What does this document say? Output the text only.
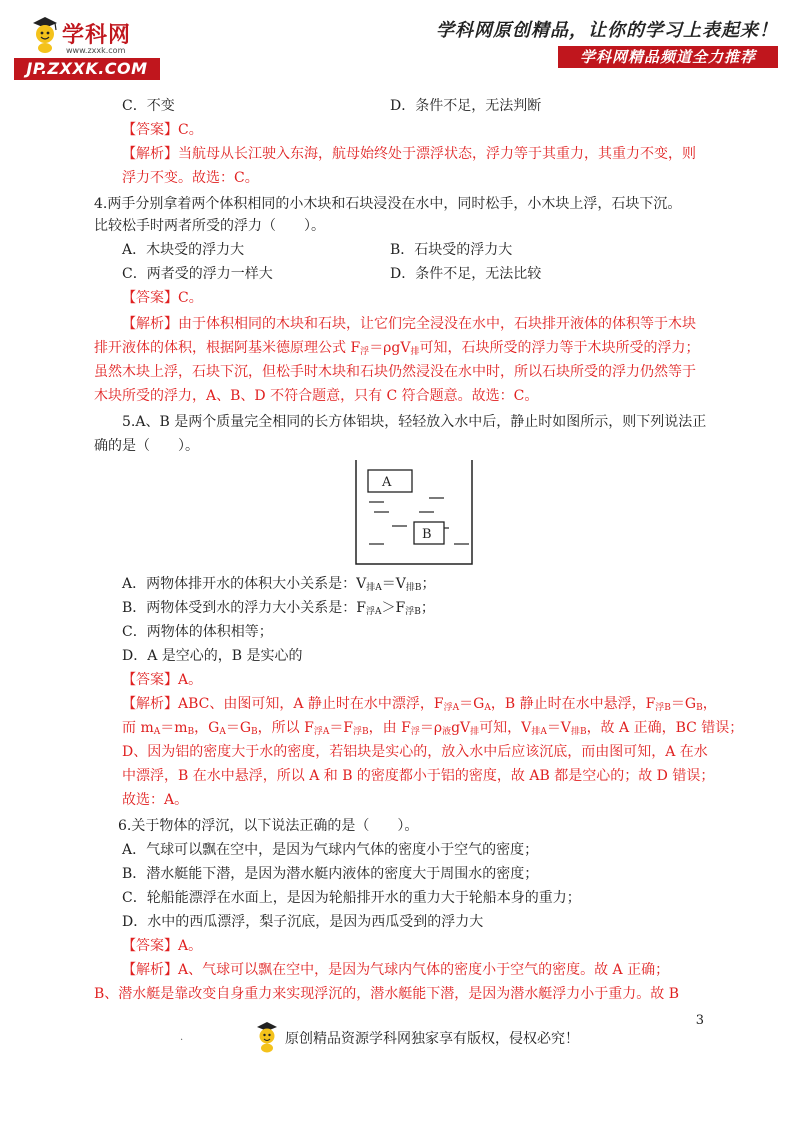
学科网
www.zxxk.com
JP.ZXXK.COM
学科网原创精品，让你的学习上表起来！
学科网精品频道全力推荐
C．不变	D．条件不足，无法判断
【答案】C。
【解析】当航母从长江驶入东海，航母始终处于漂浮状态，浮力等于其重力，其重力不变，则
浮力不变。故选：C。
4.两手分别拿着两个体积相同的小木块和石块浸没在水中，同时松手，小木块上浮，石块下沉。
比较松手时两者所受的浮力（　　）。
A．木块受的浮力大	B．石块受的浮力大
C．两者受的浮力一样大	D．条件不足，无法比较
【答案】C。
【解析】由于体积相同的木块和石块，让它们完全浸没在水中，石块排开液体的体积等于木块
排开液体的体积，根据阿基米德原理公式 $F_浮=\rho gV_排$可知，石块所受的浮力等于木块所受的浮力；
虽然木块上浮，石块下沉，但松手时木块和石块仍然浸没在水中时，所以石块所受的浮力仍然等于
木块所受的浮力，A、B、D 不符合题意，只有 C 符合题意。故选：C。
5.A、B 是两个质量完全相同的长方体铝块，轻轻放入水中后，静止时如图所示，则下列说法正
确的是（　　）。
A．两物体排开水的体积大小关系是：$V_{排A}=V_{排B}$；
B．两物体受到水的浮力大小关系是：$F_{浮A}>F_{浮B}$；
C．两物体的体积相等；
D．A 是空心的，B 是实心的
【答案】A。
【解析】ABC、由图可知，A 静止时在水中漂浮，$F_{浮A}=G_A$，B 静止时在水中悬浮，$F_{浮B}=G_B$，
而 $m_A=m_B$，$G_A=G_B$，所以 $F_{浮A}=F_{浮B}$，由 $F_浮=\rho_液gV_排$可知，$V_{排A}=V_{排B}$，故 A 正确，BC 错误；
D、因为铝的密度大于水的密度，若铝块是实心的，放入水中后应该沉底，而由图可知，A 在水
中漂浮，B 在水中悬浮，所以 A 和 B 的密度都小于铝的密度，故 AB 都是空心的；故 D 错误；
故选：A。
6.关于物体的浮沉，以下说法正确的是（　　）。
A．气球可以飘在空中，是因为气球内气体的密度小于空气的密度；
B．潜水艇能下潜，是因为潜水艇内液体的密度大于周围水的密度；
C．轮船能漂浮在水面上，是因为轮船排开水的重力大于轮船本身的重力；
D．水中的西瓜漂浮，梨子沉底，是因为西瓜受到的浮力大
【答案】A。
【解析】A、气球可以飘在空中，是因为气球内气体的密度小于空气的密度。故 A 正确；
B、潜水艇是靠改变自身重力来实现浮沉的，潜水艇能下潜，是因为潜水艇浮力小于重力。故 B
A
B
3
.	原创精品资源学科网独家享有版权，侵权必究！
